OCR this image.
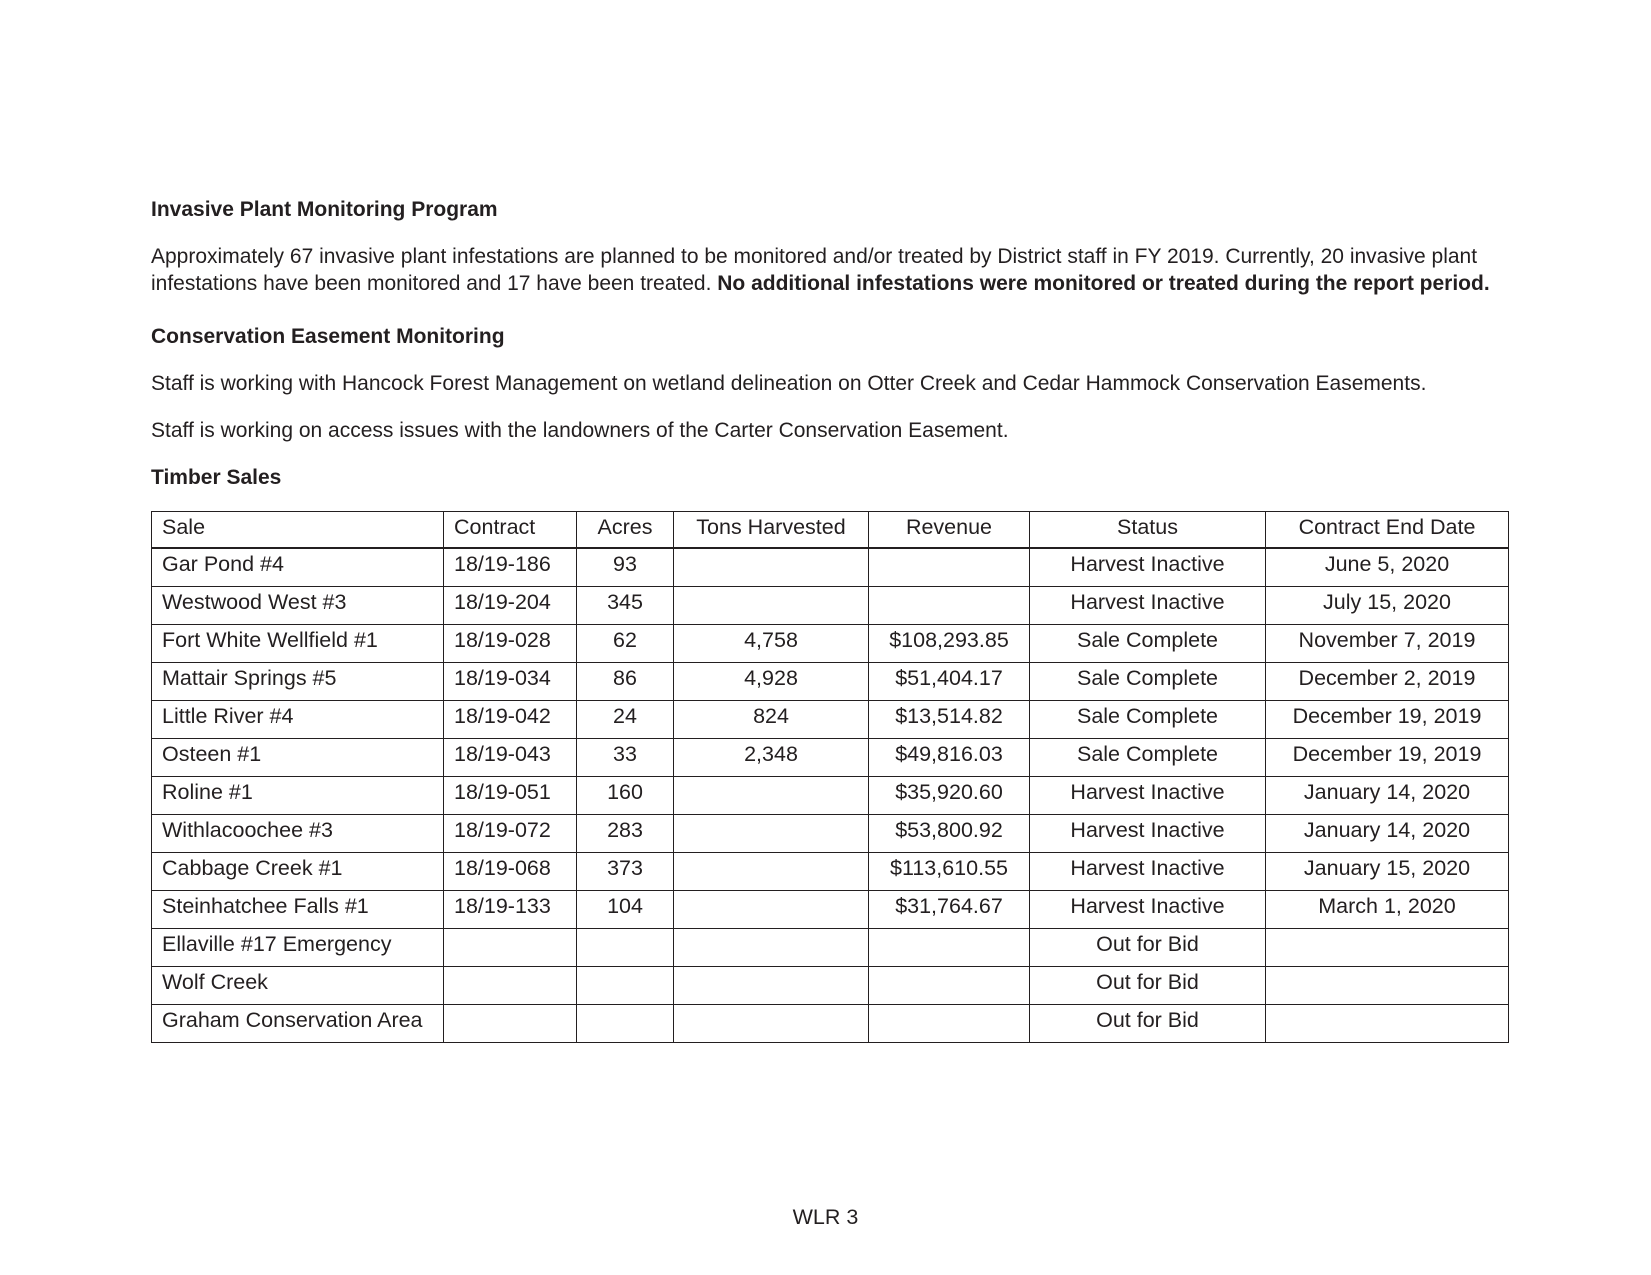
Invasive Plant Monitoring Program

Approximately 67 invasive plant infestations are planned to be monitored and/or treated by District staff in FY 2019. Currently, 20 invasive plant infestations have been monitored and 17 have been treated. No additional infestations were monitored or treated during the report period.

Conservation Easement Monitoring

Staff is working with Hancock Forest Management on wetland delineation on Otter Creek and Cedar Hammock Conservation Easements.

Staff is working on access issues with the landowners of the Carter Conservation Easement.

Timber Sales

Sale	Contract	Acres	Tons Harvested	Revenue	Status	Contract End Date
Gar Pond #4	18/19-186	93			Harvest Inactive	June 5, 2020
Westwood West #3	18/19-204	345			Harvest Inactive	July 15, 2020
Fort White Wellfield #1	18/19-028	62	4,758	$108,293.85	Sale Complete	November 7, 2019
Mattair Springs #5	18/19-034	86	4,928	$51,404.17	Sale Complete	December 2, 2019
Little River #4	18/19-042	24	824	$13,514.82	Sale Complete	December 19, 2019
Osteen #1	18/19-043	33	2,348	$49,816.03	Sale Complete	December 19, 2019
Roline #1	18/19-051	160		$35,920.60	Harvest Inactive	January 14, 2020
Withlacoochee #3	18/19-072	283		$53,800.92	Harvest Inactive	January 14, 2020
Cabbage Creek #1	18/19-068	373		$113,610.55	Harvest Inactive	January 15, 2020
Steinhatchee Falls #1	18/19-133	104		$31,764.67	Harvest Inactive	March 1, 2020
Ellaville #17 Emergency					Out for Bid	
Wolf Creek					Out for Bid	
Graham Conservation Area					Out for Bid	
WLR 3
